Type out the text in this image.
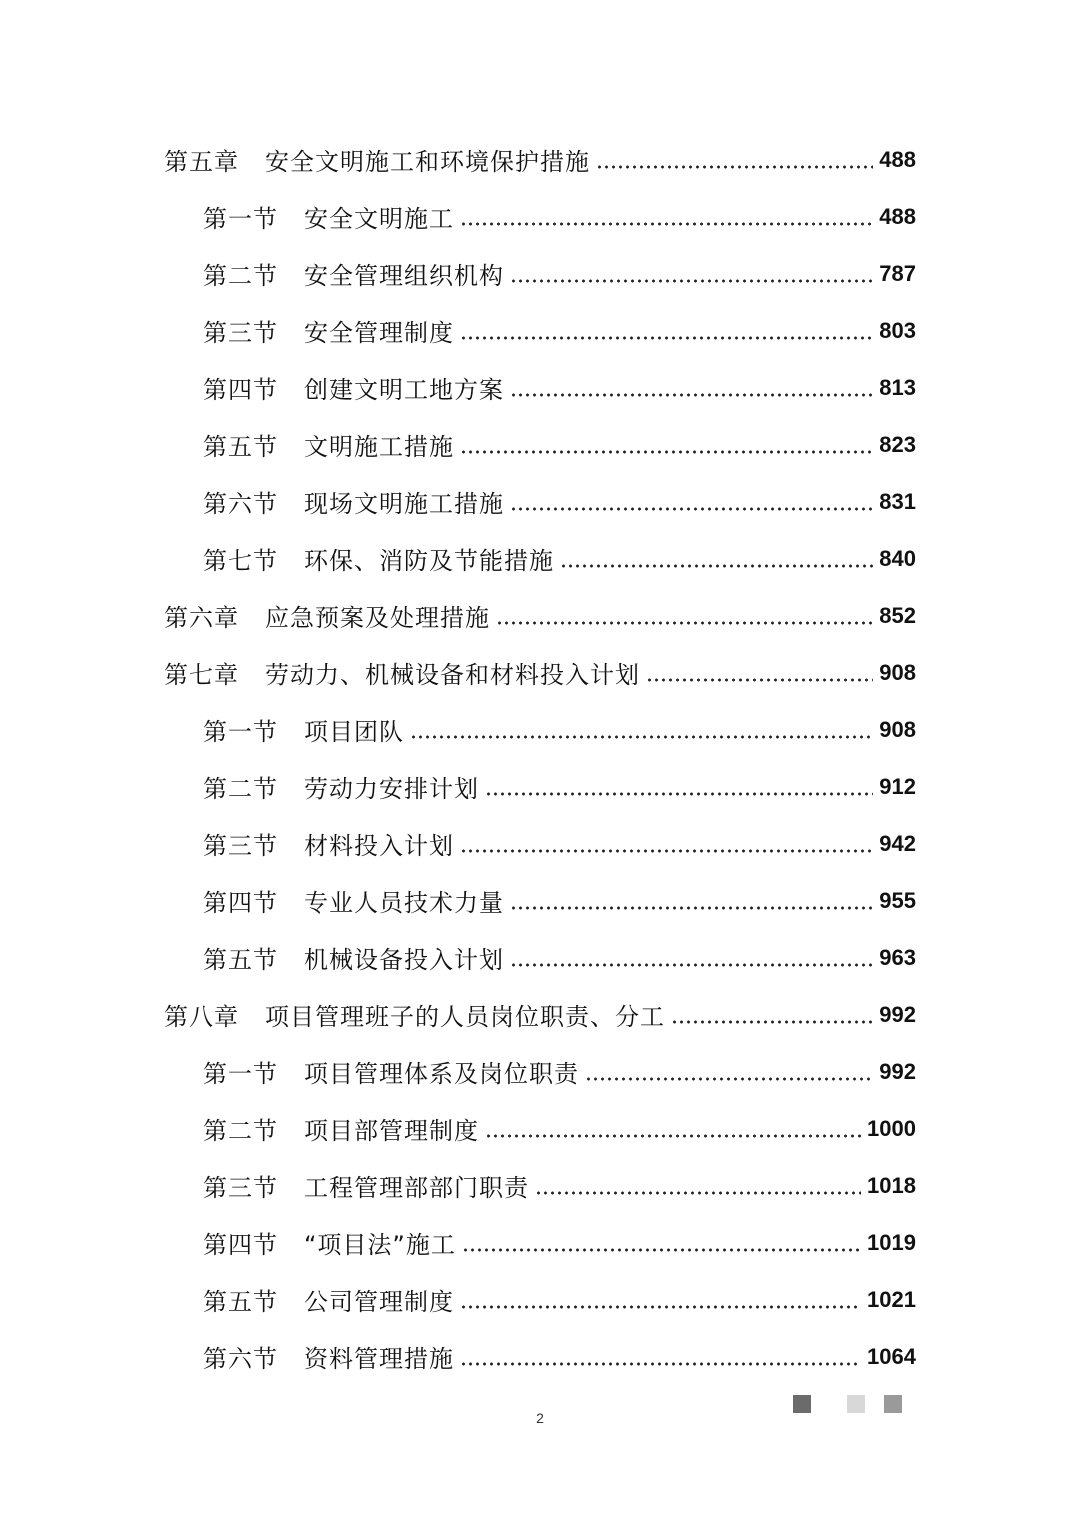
第五章 安全文明施工和环境保护措施	488
第一节 安全文明施工	488
第二节 安全管理组织机构	787
第三节 安全管理制度	803
第四节 创建文明工地方案	813
第五节 文明施工措施	823
第六节 现场文明施工措施	831
第七节 环保、消防及节能措施	840
第六章 应急预案及处理措施	852
第七章 劳动力、机械设备和材料投入计划	908
第一节 项目团队	908
第二节 劳动力安排计划	912
第三节 材料投入计划	942
第四节 专业人员技术力量	955
第五节 机械设备投入计划	963
第八章 项目管理班子的人员岗位职责、分工	992
第一节 项目管理体系及岗位职责	992
第二节 项目部管理制度	1000
第三节 工程管理部部门职责	1018
第四节 “项目法”施工	1019
第五节 公司管理制度	1021
第六节 资料管理措施	1064
2
